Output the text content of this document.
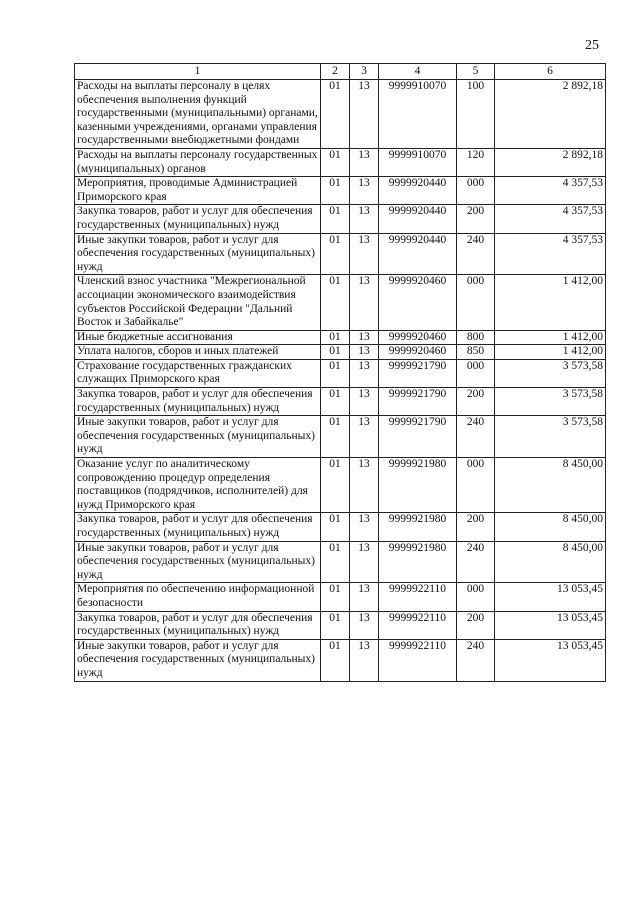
25
1	2	3	4	5	6
Расходы на выплаты персоналу в целях обеспечения выполнения функций государственными (муниципальными) органами, казенными учреждениями, органами управления государственными внебюджетными фондами	01	13	9999910070	100	2 892,18
Расходы на выплаты персоналу государственных (муниципальных) органов	01	13	9999910070	120	2 892,18
Мероприятия, проводимые Администрацией Приморского края	01	13	9999920440	000	4 357,53
Закупка товаров, работ и услуг для обеспечения государственных (муниципальных) нужд	01	13	9999920440	200	4 357,53
Иные закупки товаров, работ и услуг для обеспечения государственных (муниципальных) нужд	01	13	9999920440	240	4 357,53
Членский взнос участника "Межрегиональной ассоциации экономического взаимодействия субъектов Российской Федерации "Дальний Восток и Забайкалье"	01	13	9999920460	000	1 412,00
Иные бюджетные ассигнования	01	13	9999920460	800	1 412,00
Уплата налогов, сборов и иных платежей	01	13	9999920460	850	1 412,00
Страхование государственных гражданских служащих Приморского края	01	13	9999921790	000	3 573,58
Закупка товаров, работ и услуг для обеспечения государственных (муниципальных) нужд	01	13	9999921790	200	3 573,58
Иные закупки товаров, работ и услуг для обеспечения государственных (муниципальных) нужд	01	13	9999921790	240	3 573,58
Оказание услуг по аналитическому сопровождению процедур определения поставщиков (подрядчиков, исполнителей) для нужд Приморского края	01	13	9999921980	000	8 450,00
Закупка товаров, работ и услуг для обеспечения государственных (муниципальных) нужд	01	13	9999921980	200	8 450,00
Иные закупки товаров, работ и услуг для обеспечения государственных (муниципальных) нужд	01	13	9999921980	240	8 450,00
Мероприятия по обеспечению информационной безопасности	01	13	9999922110	000	13 053,45
Закупка товаров, работ и услуг для обеспечения государственных (муниципальных) нужд	01	13	9999922110	200	13 053,45
Иные закупки товаров, работ и услуг для обеспечения государственных (муниципальных) нужд	01	13	9999922110	240	13 053,45
